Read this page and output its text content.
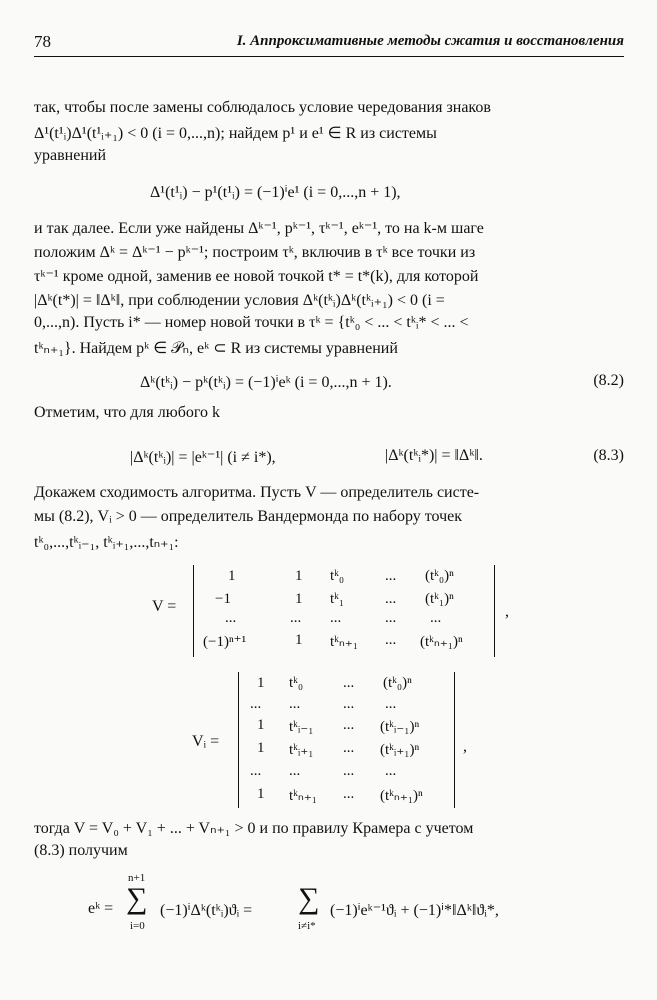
78	I. Аппроксимативные методы сжатия и восстановления
так, чтобы после замены соблюдалось условие чередования знаков
Δ¹(t¹ᵢ)Δ¹(t¹ᵢ₊₁) < 0 (i = 0,...,n); найдем p¹ и e¹ ∈ R из системы
уравнений
Δ¹(t¹ᵢ) − p¹(t¹ᵢ) = (−1)ⁱe¹ (i = 0,...,n + 1),
и так далее. Если уже найдены Δᵏ⁻¹, pᵏ⁻¹, τᵏ⁻¹, eᵏ⁻¹, то на k-м шаге
положим Δᵏ = Δᵏ⁻¹ − pᵏ⁻¹; построим τᵏ, включив в τᵏ все точки из
τᵏ⁻¹ кроме одной, заменив ее новой точкой t* = t*(k), для которой
|Δᵏ(t*)| = ‖Δᵏ‖, при соблюдении условия Δᵏ(tᵏᵢ)Δᵏ(tᵏᵢ₊₁) < 0 (i =
0,...,n). Пусть i* — номер новой точки в τᵏ = {tᵏ₀ < ... < tᵏᵢ* < ... <
tᵏₙ₊₁}. Найдем pᵏ ∈ 𝒫ₙ, eᵏ ⊂ R из системы уравнений
Δᵏ(tᵏᵢ) − pᵏ(tᵏᵢ) = (−1)ⁱeᵏ (i = 0,...,n + 1).	(8.2)
Отметим, что для любого k
|Δᵏ(tᵏᵢ)| = |eᵏ⁻¹| (i ≠ i*),	|Δᵏ(tᵏᵢ*)| = ‖Δᵏ‖.	(8.3)
Докажем сходимость алгоритма. Пусть V — определитель систе-
мы (8.2), Vᵢ > 0 — определитель Вандермонда по набору точек
tᵏ₀,...,tᵏᵢ₋₁, tᵏᵢ₊₁,...,tₙ₊₁:
V =	,
1	1 tᵏ₀	... (tᵏ₀)ⁿ
−1	1 tᵏ₁	... (tᵏ₁)ⁿ
...	... ...	... ...
(−1)ⁿ⁺¹	1 tᵏₙ₊₁ ... (tᵏₙ₊₁)ⁿ
Vᵢ =	,
1 tᵏ₀	... (tᵏ₀)ⁿ
... ...	... ...
1 tᵏᵢ₋₁ ... (tᵏᵢ₋₁)ⁿ
1 tᵏᵢ₊₁ ... (tᵏᵢ₊₁)ⁿ
... ...	... ...
1 tᵏₙ₊₁ ... (tᵏₙ₊₁)ⁿ
тогда V = V₀ + V₁ + ... + Vₙ₊₁ > 0 и по правилу Крамера с учетом
(8.3) получим
eᵏ =
n+1
∑
i=0
(−1)ⁱΔᵏ(tᵏᵢ)ϑᵢ = ∑
i≠i*
(−1)ⁱeᵏ⁻¹ϑᵢ + (−1)ⁱ*‖Δᵏ‖ϑᵢ*,
